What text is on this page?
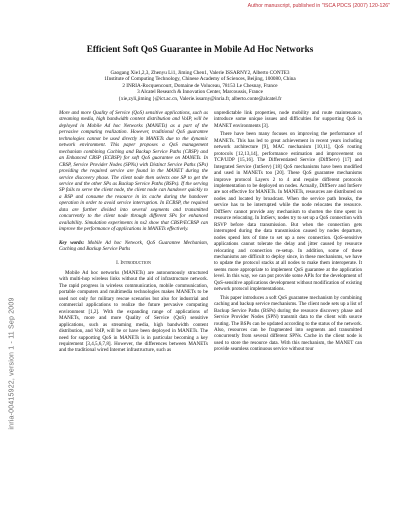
Author manuscript, published in "ISCA PDCS (2007) 120-126"
inria-00415922, version 1 - 11 Sep 2009
Efficient Soft QoS Guarantee in Mobile Ad Hoc Networks
Gaogang Xie1,2,3, Zhenyu Li1, Jiming Chen1, Valerie ISSARNY2, Alberto CONTE3
1Institute of Computing Technology, Chinese Academy of Sciences, Beijing, 100080, China
2 INRIA-Rocquencourt, Domaine de Voluceau, 78153 Le Chesnay, France
3 Alcatel Research & Innovation Center, Marcoussis, France
{xie,zyli,jiming }@ict.ac.cn, Valerie.issarny@inria.fr, alberto.conte@alcatel.fr
More and more Quality of Service (QoS) sensitive applications, such as streaming media, high bandwidth content distribution and VoIP, will be deployed in Mobile Ad hoc Networks (MANETs) as a part of the pervasive computing realization. However, traditional QoS guarantee technologies cannot be used directly in MANETs due to the dynamic network environment. This paper proposes a QoS management mechanism combining Caching and Backup Service Paths (CBSP) and an Enhanced CBSP (ECBSP) for soft QoS guarantee on MANETs. In CBSP, Service Provider Nodes (SPNs) with Distinct Service Paths (SPs) providing the required service are found in the MANET during the service discovery phase. The client node then selects one SP to get the service and the other SPs as Backup Service Paths (BSPs). If the serving SP fails to serve the client node, the client node can handover quickly to a BSP and consume the resource in its cache during the handover operation in order to avoid service interruption. In ECBSP, the required data are further divided into several segments and transmitted concurrently to the client node through different SPs for enhanced availability. Simulation experiments in ns2 show that CBSP/ECBSP can improve the performance of applications in MANETs effectively.
Key words: Mobile Ad hoc Network, QoS Guarantee Mechanism, Caching and Backup Service Paths
I. Introduction

Mobile Ad hoc networks (MANETs) are autonomously structured with multi-hop wireless links without the aid of infrastructure network. The rapid progress in wireless communication, mobile communication, portable computers and multimedia technologies makes MANETs to be used not only for military rescue scenarios but also for industrial and commercial applications to realize the future pervasive computing environment [1,2]. With the expanding range of applications of MANETs, more and more Quality of Service (QoS) sensitive applications, such as streaming media, high bandwidth content distribution, and VoIP, will be or have been deployed in MANETs. The need for supporting QoS in MANETs is in particular becoming a key requirement [3,4,5,6,7,8]. However, the differences between MANETs and the traditional wired Internet infrastructure, such as

unpredictable link properties, node mobility and route maintenance, introduce some unique issues and difficulties for supporting QoS in MANET environments [3].

There have been many focuses on improving the performance of MANETs. This has led to great achievement in recent years including network architecture [9], MAC mechanism [10,11], QoS routing protocols [12,13,14], performance estimation and improvement on TCP/UDP [15,16]. The Differentiated Service (DiffServ) [17] and Integrated Service (IntServ) [18] QoS mechanisms have been modified and used in MANETs too [20]. These QoS guarantee mechanisms improve protocol Layers 2 to 4 and require different protocols implementation to be deployed on nodes. Actually, DiffServ and IntServ are not effective for MANETs. In MANETs, resources are distributed on nodes and located by broadcast. When the service path breaks, the service has to be interrupted while the node relocates the resource. DiffServ cannot provide any mechanism to shorten the time spent in resource relocating. In IntServ, nodes try to set up a QoS connection with RSVP before data transmission. But when the connection gets interrupted during the data transmission caused by nodes departure, nodes spend lots of time to set up a new connection. QoS-sensitive applications cannot tolerate the delay and jitter caused by resource relocating and connection re-setup. In addition, some of these mechanisms are difficult to deploy since, in these mechanisms, we have to update the protocol stacks at all nodes to make them interoperate. It seems more appropriate to implement QoS guarantee at the application level. In this way, we can put provide some APIs for the development of QoS-sensitive applications development without modification of existing network protocol implementations.

This paper introduces a soft QoS guarantee mechanism by combining caching and backup service mechanisms. The client node sets up a list of Backup Service Paths (BSPs) during the resource discovery phase and Service Provider Nodes (SPN) transmit data to the client with source routing. The BSPs can be updated according to the status of the network. Also, resources can be fragmented into segments and transmitted concurrently from several different SPNs. Cache in the client node is used to store the resource data. With this mechanism, the MANET can provide seamless continuous service without tour
